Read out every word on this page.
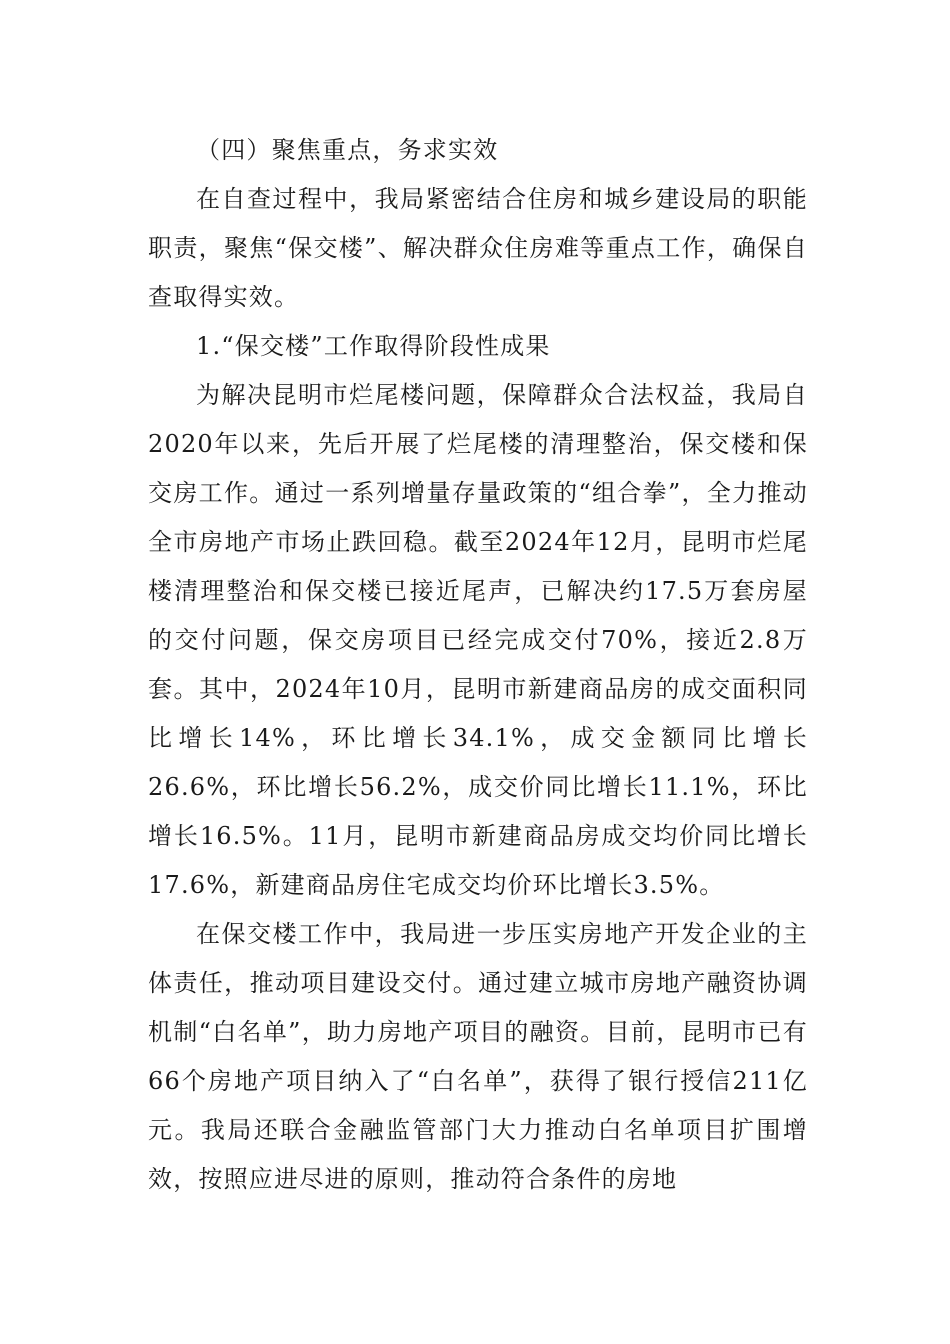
（四）聚焦重点，务求实效

在自查过程中，我局紧密结合住房和城乡建设局的职能职责，聚焦“保交楼”、解决群众住房难等重点工作，确保自查取得实效。

1.“保交楼”工作取得阶段性成果

为解决昆明市烂尾楼问题，保障群众合法权益，我局自2020年以来，先后开展了烂尾楼的清理整治，保交楼和保交房工作。通过一系列增量存量政策的“组合拳”，全力推动全市房地产市场止跌回稳。截至2024年12月，昆明市烂尾楼清理整治和保交楼已接近尾声，已解决约17.5万套房屋的交付问题，保交房项目已经完成交付70%，接近2.8万套。其中，2024年10月，昆明市新建商品房的成交面积同比增长14%，环比增长34.1%，成交金额同比增长26.6%，环比增长56.2%，成交价同比增长11.1%，环比增长16.5%。11月，昆明市新建商品房成交均价同比增长17.6%，新建商品房住宅成交均价环比增长3.5%。

在保交楼工作中，我局进一步压实房地产开发企业的主体责任，推动项目建设交付。通过建立城市房地产融资协调机制“白名单”，助力房地产项目的融资。目前，昆明市已有66个房地产项目纳入了“白名单”，获得了银行授信211亿元。我局还联合金融监管部门大力推动白名单项目扩围增效，按照应进尽进的原则，推动符合条件的房地
